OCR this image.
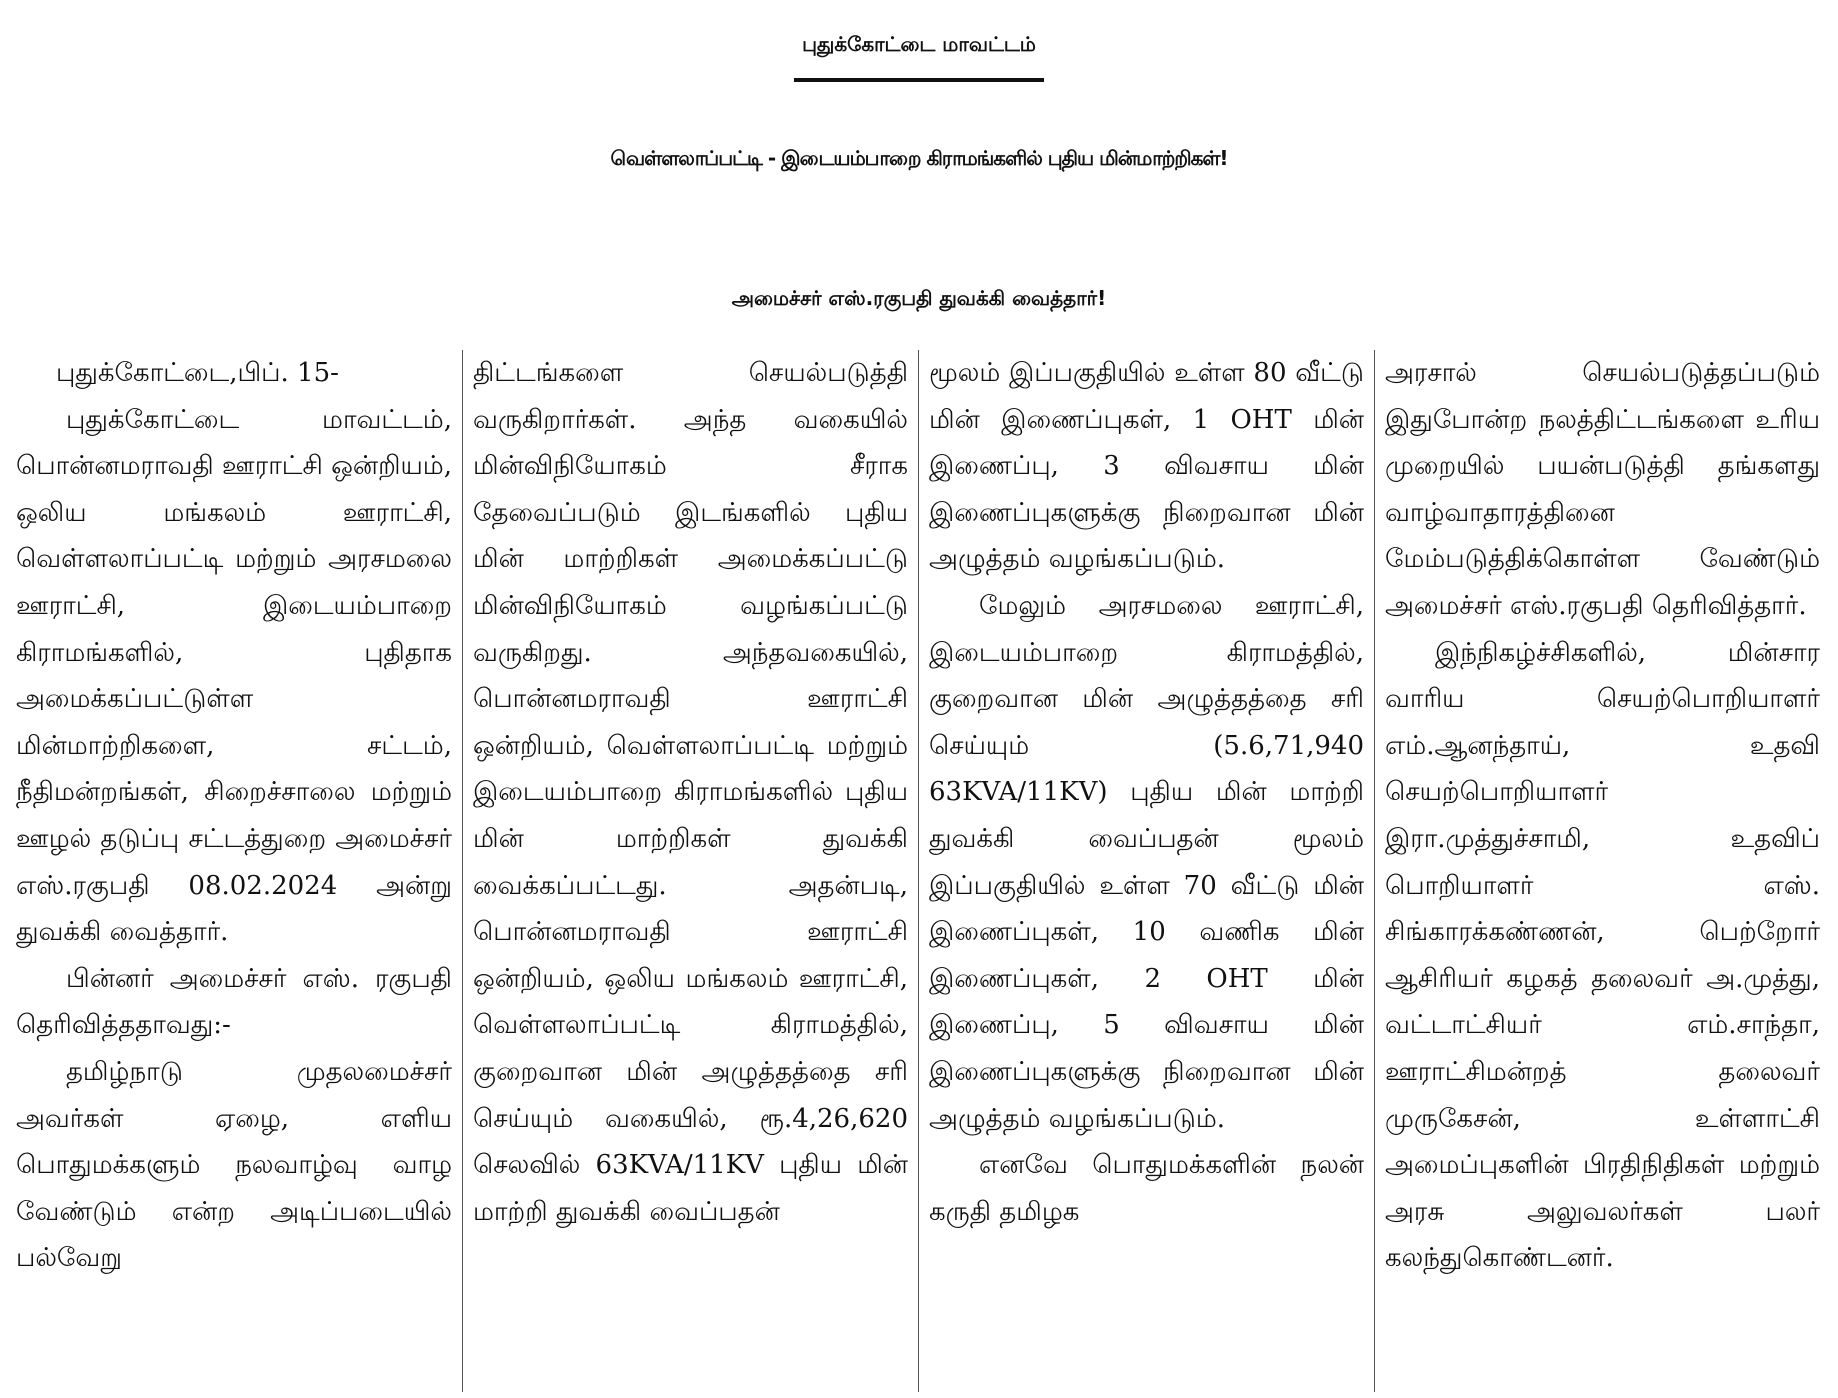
புதுக்கோட்டை மாவட்டம்
வெள்ளலாப்பட்டி - இடையம்பாறை கிராமங்களில் புதிய மின்மாற்றிகள்!
அமைச்சர் எஸ்.ரகுபதி துவக்கி வைத்தார்!

புதுக்கோட்டை,பிப். 15-

புதுக்கோட்டை மாவட்டம், பொன்னமராவதி ஊராட்சி ஒன்றியம், ஒலிய மங்கலம் ஊராட்சி, வெள்ளலாப்பட்டி மற்றும் அரசமலை ஊராட்சி, இடையம்பாறை கிராமங்களில், புதிதாக அமைக்கப்பட்டுள்ள மின்மாற்றிகளை, சட்டம், நீதிமன்றங்கள், சிறைச்சாலை மற்றும் ஊழல் தடுப்பு சட்டத்துறை அமைச்சர் எஸ்.ரகுபதி 08.02.2024 அன்று துவக்கி வைத்தார்.

பின்னர் அமைச்சர் எஸ். ரகுபதி தெரிவித்ததாவது:-

தமிழ்நாடு முதலமைச்சர் அவர்கள் ஏழை, எளிய பொதுமக்களும் நலவாழ்வு வாழ வேண்டும் என்ற அடிப்படையில் பல்வேறு

திட்டங்களை செயல்படுத்தி வருகிறார்கள். அந்த வகையில் மின்விநியோகம் சீராக தேவைப்படும் இடங்களில் புதிய மின் மாற்றிகள் அமைக்கப்பட்டு மின்விநியோகம் வழங்கப்பட்டு வருகிறது. அந்தவகையில், பொன்னமராவதி ஊராட்சி ஒன்றியம், வெள்ளலாப்பட்டி மற்றும் இடையம்பாறை கிராமங்களில் புதிய மின் மாற்றிகள் துவக்கி வைக்கப்பட்டது. அதன்படி, பொன்னமராவதி ஊராட்சி ஒன்றியம், ஒலிய மங்கலம் ஊராட்சி, வெள்ளலாப்பட்டி கிராமத்தில், குறைவான மின் அழுத்தத்தை சரி செய்யும் வகையில், ரூ.4,26,620 செலவில் 63KVA/11KV புதிய மின் மாற்றி துவக்கி வைப்பதன்

மூலம் இப்பகுதியில் உள்ள 80 வீட்டு மின் இணைப்புகள், 1 OHT மின் இணைப்பு, 3 விவசாய மின் இணைப்புகளுக்கு நிறைவான மின் அழுத்தம் வழங்கப்படும்.

மேலும் அரசமலை ஊராட்சி, இடையம்பாறை கிராமத்தில், குறைவான மின் அழுத்தத்தை சரி செய்யும் (5.6,71,940 63KVA/11KV) புதிய மின் மாற்றி துவக்கி வைப்பதன் மூலம் இப்பகுதியில் உள்ள 70 வீட்டு மின் இணைப்புகள், 10 வணிக மின் இணைப்புகள், 2 OHT மின் இணைப்பு, 5 விவசாய மின் இணைப்புகளுக்கு நிறைவான மின் அழுத்தம் வழங்கப்படும்.

எனவே பொதுமக்களின் நலன் கருதி தமிழக

அரசால் செயல்படுத்தப்படும் இதுபோன்ற நலத்திட்டங்களை உரிய முறையில் பயன்படுத்தி தங்களது வாழ்வாதாரத்தினை மேம்படுத்திக்கொள்ள வேண்டும் அமைச்சர் எஸ்.ரகுபதி தெரிவித்தார்.

இந்நிகழ்ச்சிகளில், மின்சார வாரிய செயற்பொறியாளர் எம்.ஆனந்தாய், உதவி செயற்பொறியாளர் இரா.முத்துச்சாமி, உதவிப் பொறியாளர் எஸ். சிங்காரக்கண்ணன், பெற்றோர் ஆசிரியர் கழகத் தலைவர் அ.முத்து, வட்டாட்சியர் எம்.சாந்தா, ஊராட்சிமன்றத் தலைவர் முருகேசன், உள்ளாட்சி அமைப்புகளின் பிரதிநிதிகள் மற்றும் அரசு அலுவலர்கள் பலர் கலந்துகொண்டனர்.
